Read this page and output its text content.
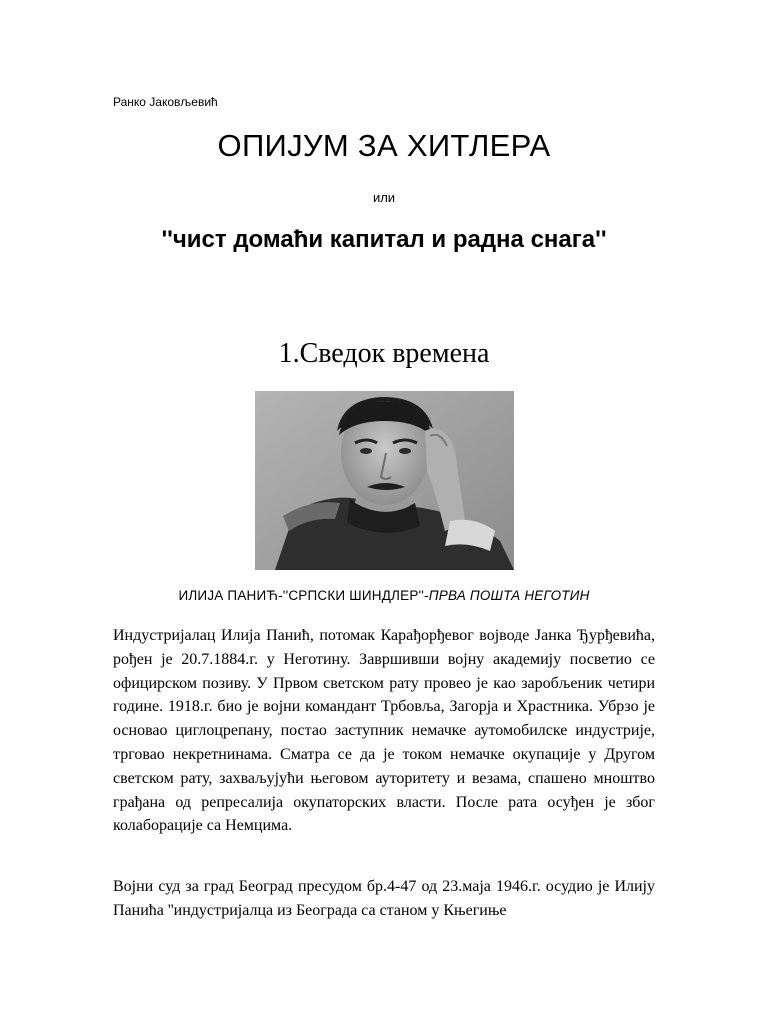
Ранко Јаковљевић
ОПИЈУМ ЗА ХИТЛЕРА
или
''чист домаћи капитал и радна снага''
1.Сведок времена
ИЛИЈА ПАНИЋ-''СРПСКИ ШИНДЛЕР''-ПРВА ПОШТА НЕГОТИН

Индустријалац Илија Панић, потомак Карађорђевог војводе Јанка Ђурђевића, рођен је 20.7.1884.г. у Неготину. Завршивши војну академију посветио се официрском позиву. У Првом светском рату провео је као заробљеник четири године. 1918.г. био је војни командант Трбовља, Загорја и Храстника. Убрзо је основао циглоцрепану, постао заступник немачке аутомобилске индустрије, трговао некретнинама. Сматра се да је током немачке окупације у Другом светском рату, захваљујући његовом ауторитету и везама, спашено мноштво грађана од репресалија окупаторских власти. После рата осуђен је због колаборације са Немцима.

Војни суд за град Београд пресудом бр.4-47 од 23.маја 1946.г. осудио је Илију Панића ''индустријалца из Београда са станом у Књегиње
